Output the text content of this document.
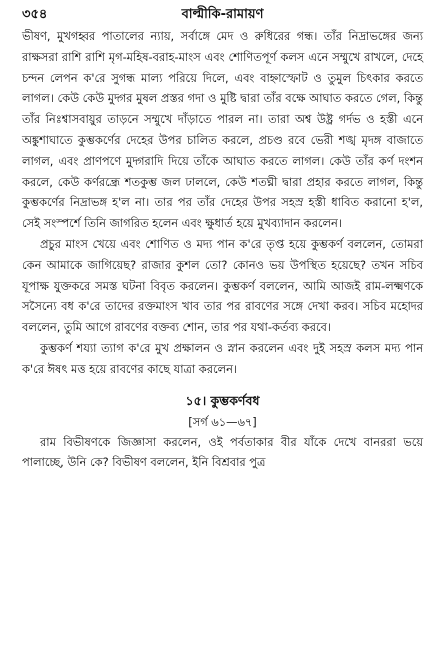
৩৫৪	বাল্মীকি-রামায়ণ

ভীষণ, মুখগহ্বর পাতালের ন্যায়, সর্বাঙ্গে মেদ ও রুধিরের গন্ধ। তাঁর নিদ্রাভঙ্গের জন্য রাক্ষসরা রাশি রাশি মৃগ-মহিষ-বরাহ-মাংস এবং শোণিতপূর্ণ কলস এনে সম্মুখে রাখলে, দেহে চন্দন লেপন ক'রে সুগন্ধ মাল্য পরিয়ে দিলে, এবং বাহ্নাস্ফোট ও তুমুল চিৎকার করতে লাগল। কেউ কেউ মুদ্গর মুষল প্রস্তর গদা ও মুষ্টি দ্বারা তাঁর বক্ষে আঘাত করতে গেল, কিন্তু তাঁর নিঃশ্বাসবায়ুর তাড়নে সম্মুখে দাঁড়াতে পারল না। তারা অশ্ব উষ্ট্র গর্দভ ও হস্তী এনে অঙ্কুশাঘাতে কুম্ভকর্ণের দেহের উপর চালিত করলে, প্রচণ্ড রবে ভেরী শঙ্খ মৃদঙ্গ বাজাতে লাগল, এবং প্রাণপণে মুদ্গরাদি দিয়ে তাঁকে আঘাত করতে লাগল। কেউ তাঁর কর্ণ দংশন করলে, কেউ কর্ণরন্ধ্রে শতকুম্ভ জল ঢাললে, কেউ শতঘ্নী দ্বারা প্রহার করতে লাগল, কিন্তু কুম্ভকর্ণের নিদ্রাভঙ্গ হ'ল না। তার পর তাঁর দেহের উপর সহস্র হস্তী ধাবিত করানো হ'ল, সেই সংস্পর্শে তিনি জাগরিত হলেন এবং ক্ষুধার্ত হয়ে মুখব্যাদান করলেন।

প্রচুর মাংস খেয়ে এবং শোণিত ও মদ্য পান ক'রে তৃপ্ত হয়ে কুম্ভকর্ণ বললেন, তোমরা কেন আমাকে জাগিয়েছ? রাজার কুশল তো? কোনও ভয় উপস্থিত হয়েছে? তখন সচিব যূপাক্ষ যুক্তকরে সমস্ত ঘটনা বিবৃত করলেন। কুম্ভকর্ণ বললেন, আমি আজই রাম-লক্ষ্মণকে সসৈন্যে বধ ক'রে তাদের রক্তমাংস খাব তার পর রাবণের সঙ্গে দেখা করব। সচিব মহোদর বললেন, তুমি আগে রাবণের বক্তব্য শোন, তার পর যথা-কর্তব্য করবে।

কুম্ভকর্ণ শয্যা ত্যাগ ক'রে মুখ প্রক্ষালন ও স্নান করলেন এবং দুই সহস্র কলস মদ্য পান ক'রে ঈষৎ মত্ত হয়ে রাবণের কাছে যাত্রা করলেন।

১৫। কুম্ভকর্ণবধ
[সর্গ ৬১—৬৭]

রাম বিভীষণকে জিজ্ঞাসা করলেন, ওই পর্বতাকার বীর যাঁকে দেখে বানররা ভয়ে পালাচ্ছে, উনি কে? বিভীষণ বললেন, ইনি বিশ্রবার পুত্র
